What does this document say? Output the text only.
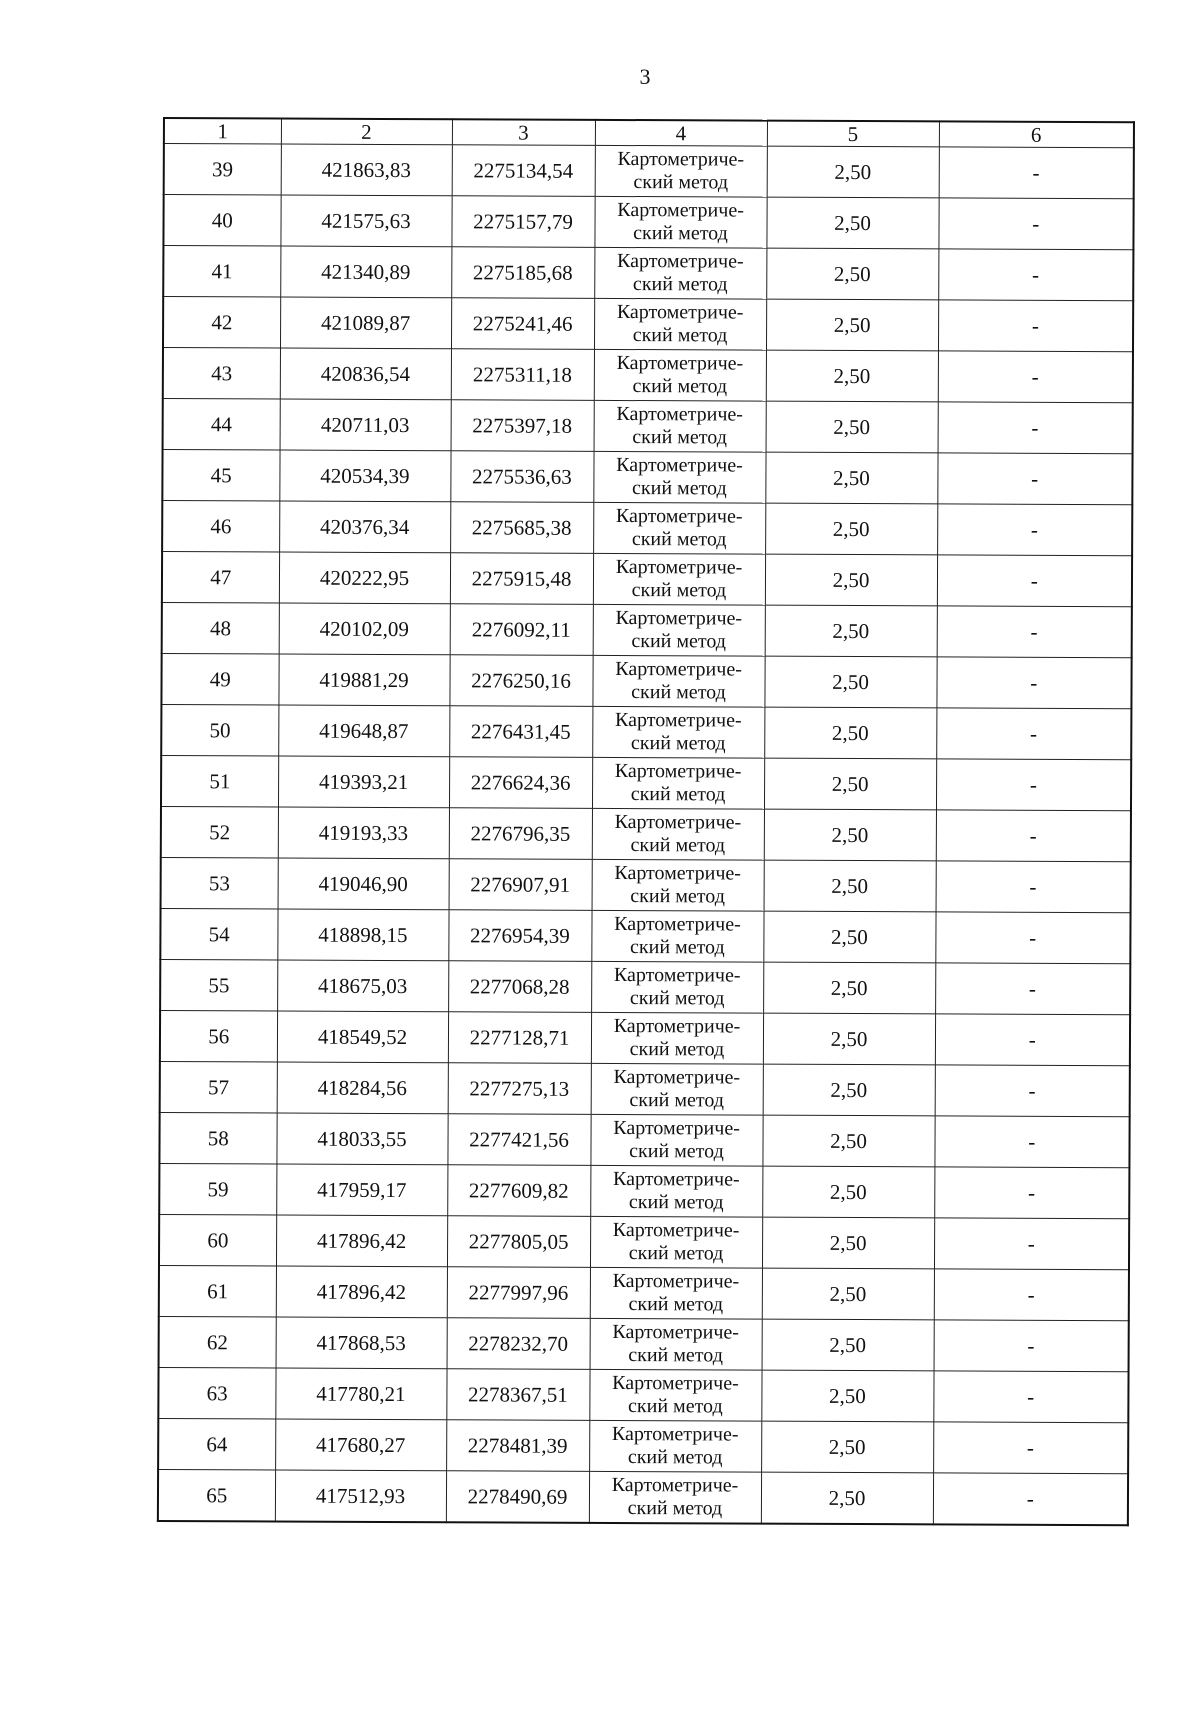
3
1	2	3	4	5	6
39	421863,83	2275134,54	Картометриче-
ский метод	2,50	-
40	421575,63	2275157,79	Картометриче-
ский метод	2,50	-
41	421340,89	2275185,68	Картометриче-
ский метод	2,50	-
42	421089,87	2275241,46	Картометриче-
ский метод	2,50	-
43	420836,54	2275311,18	Картометриче-
ский метод	2,50	-
44	420711,03	2275397,18	Картометриче-
ский метод	2,50	-
45	420534,39	2275536,63	Картометриче-
ский метод	2,50	-
46	420376,34	2275685,38	Картометриче-
ский метод	2,50	-
47	420222,95	2275915,48	Картометриче-
ский метод	2,50	-
48	420102,09	2276092,11	Картометриче-
ский метод	2,50	-
49	419881,29	2276250,16	Картометриче-
ский метод	2,50	-
50	419648,87	2276431,45	Картометриче-
ский метод	2,50	-
51	419393,21	2276624,36	Картометриче-
ский метод	2,50	-
52	419193,33	2276796,35	Картометриче-
ский метод	2,50	-
53	419046,90	2276907,91	Картометриче-
ский метод	2,50	-
54	418898,15	2276954,39	Картометриче-
ский метод	2,50	-
55	418675,03	2277068,28	Картометриче-
ский метод	2,50	-
56	418549,52	2277128,71	Картометриче-
ский метод	2,50	-
57	418284,56	2277275,13	Картометриче-
ский метод	2,50	-
58	418033,55	2277421,56	Картометриче-
ский метод	2,50	-
59	417959,17	2277609,82	Картометриче-
ский метод	2,50	-
60	417896,42	2277805,05	Картометриче-
ский метод	2,50	-
61	417896,42	2277997,96	Картометриче-
ский метод	2,50	-
62	417868,53	2278232,70	Картометриче-
ский метод	2,50	-
63	417780,21	2278367,51	Картометриче-
ский метод	2,50	-
64	417680,27	2278481,39	Картометриче-
ский метод	2,50	-
65	417512,93	2278490,69	Картометриче-
ский метод	2,50	-
